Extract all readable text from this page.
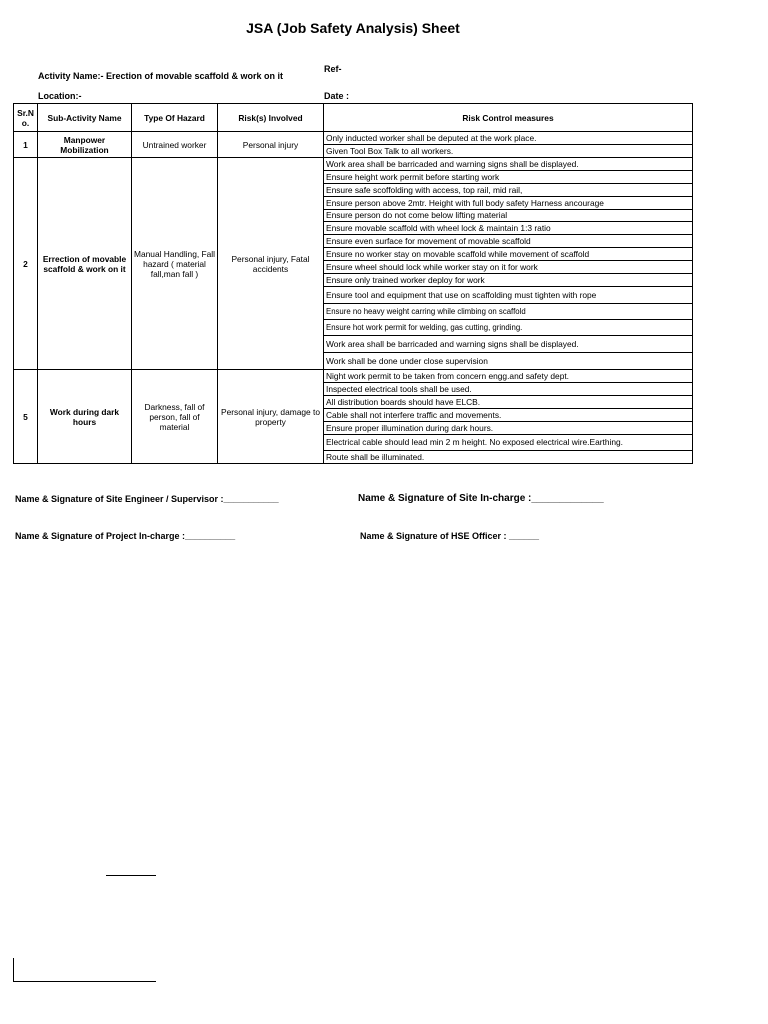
JSA (Job Safety Analysis) Sheet
Activity Name:- Erection of movable scaffold & work on it
Ref-
Location:-	Date :
Sr.N
o.	Sub-Activity Name	Type Of Hazard	Risk(s) Involved	Risk Control measures
1	Manpower Mobilization	Untrained worker	Personal injury	Only inducted worker shall be deputed at the work place.
				Given Tool Box Talk to all workers.
2	Errection of movable scaffold & work on it	Manual Handling, Fall hazard ( material fall,man fall )	Personal injury, Fatal accidents	Work area shall be barricaded and warning signs shall be displayed.
				Ensure height work permit before starting work
				Ensure safe scoffolding with access, top rail, mid rail,
				Ensure person above 2mtr. Height with full body safety Harness ancourage
				Ensure person do not come below lifting material
				Ensure movable scaffold with wheel lock & maintain 1:3 ratio
				Ensure even surface for movement of movable scaffold
				Ensure no worker stay on movable scaffold while movement of scaffold
				Ensure wheel should lock while worker stay on it for work
				Ensure only trained worker deploy for work
				Ensure tool and equipment that use on scaffolding must tighten with rope
				Ensure no heavy weight carring while climbing on scaffold
				Ensure hot work permit for welding, gas cutting, grinding.
				Work area shall be barricaded and warning signs shall be displayed.
				Work shall be done under close supervision
5	Work during dark hours	Darkness, fall of person, fall of material	Personal injury, damage to property	Night work permit to be taken from concern engg.and safety dept.
				Inspected electrical tools shall be used.
				All distribution boards should have ELCB.
				Cable shall not interfere traffic and movements.
				Ensure proper illumination during dark hours.
				Electrical cable should lead min 2 m height. No exposed electrical wire.Earthing.
				Route shall be illuminated.
Name & Signature of Site Engineer / Supervisor :___________	Name & Signature of Site In-charge :_____________
Name & Signature of Project In-charge :__________	Name & Signature of HSE Officer : ______
